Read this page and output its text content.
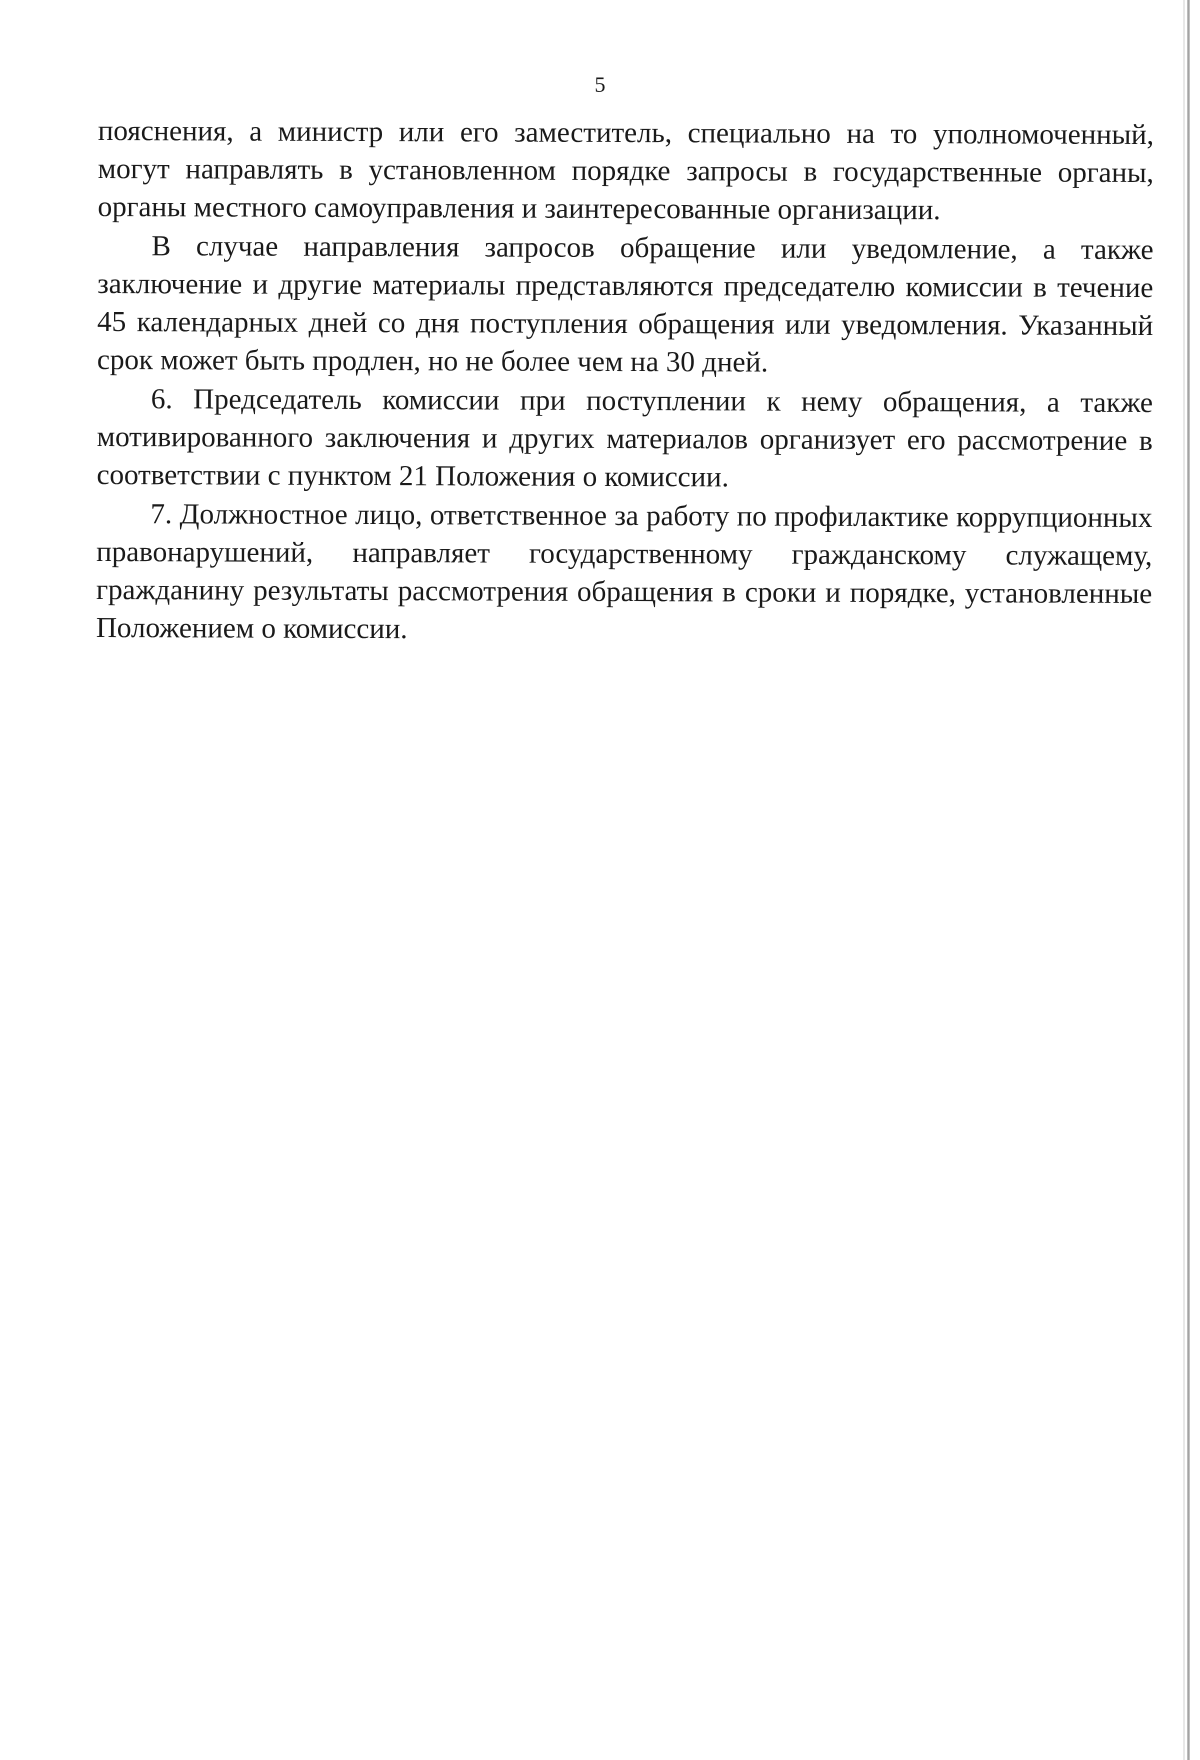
5

пояснения, а министр или его заместитель, специально на то уполномоченный, могут направлять в установленном порядке запросы в государственные органы, органы местного самоуправления и заинтересованные организации.

В случае направления запросов обращение или уведомление, а также заключение и другие материалы представляются председателю комиссии в течение 45 календарных дней со дня поступления обращения или уведомления. Указанный срок может быть продлен, но не более чем на 30 дней.

6. Председатель комиссии при поступлении к нему обращения, а также мотивированного заключения и других материалов организует его рассмотрение в соответствии с пунктом 21 Положения о комиссии.

7. Должностное лицо, ответственное за работу по профилактике коррупционных правонарушений, направляет государственному гражданскому служащему, гражданину результаты рассмотрения обращения в сроки и порядке, установленные Положением о комиссии.
